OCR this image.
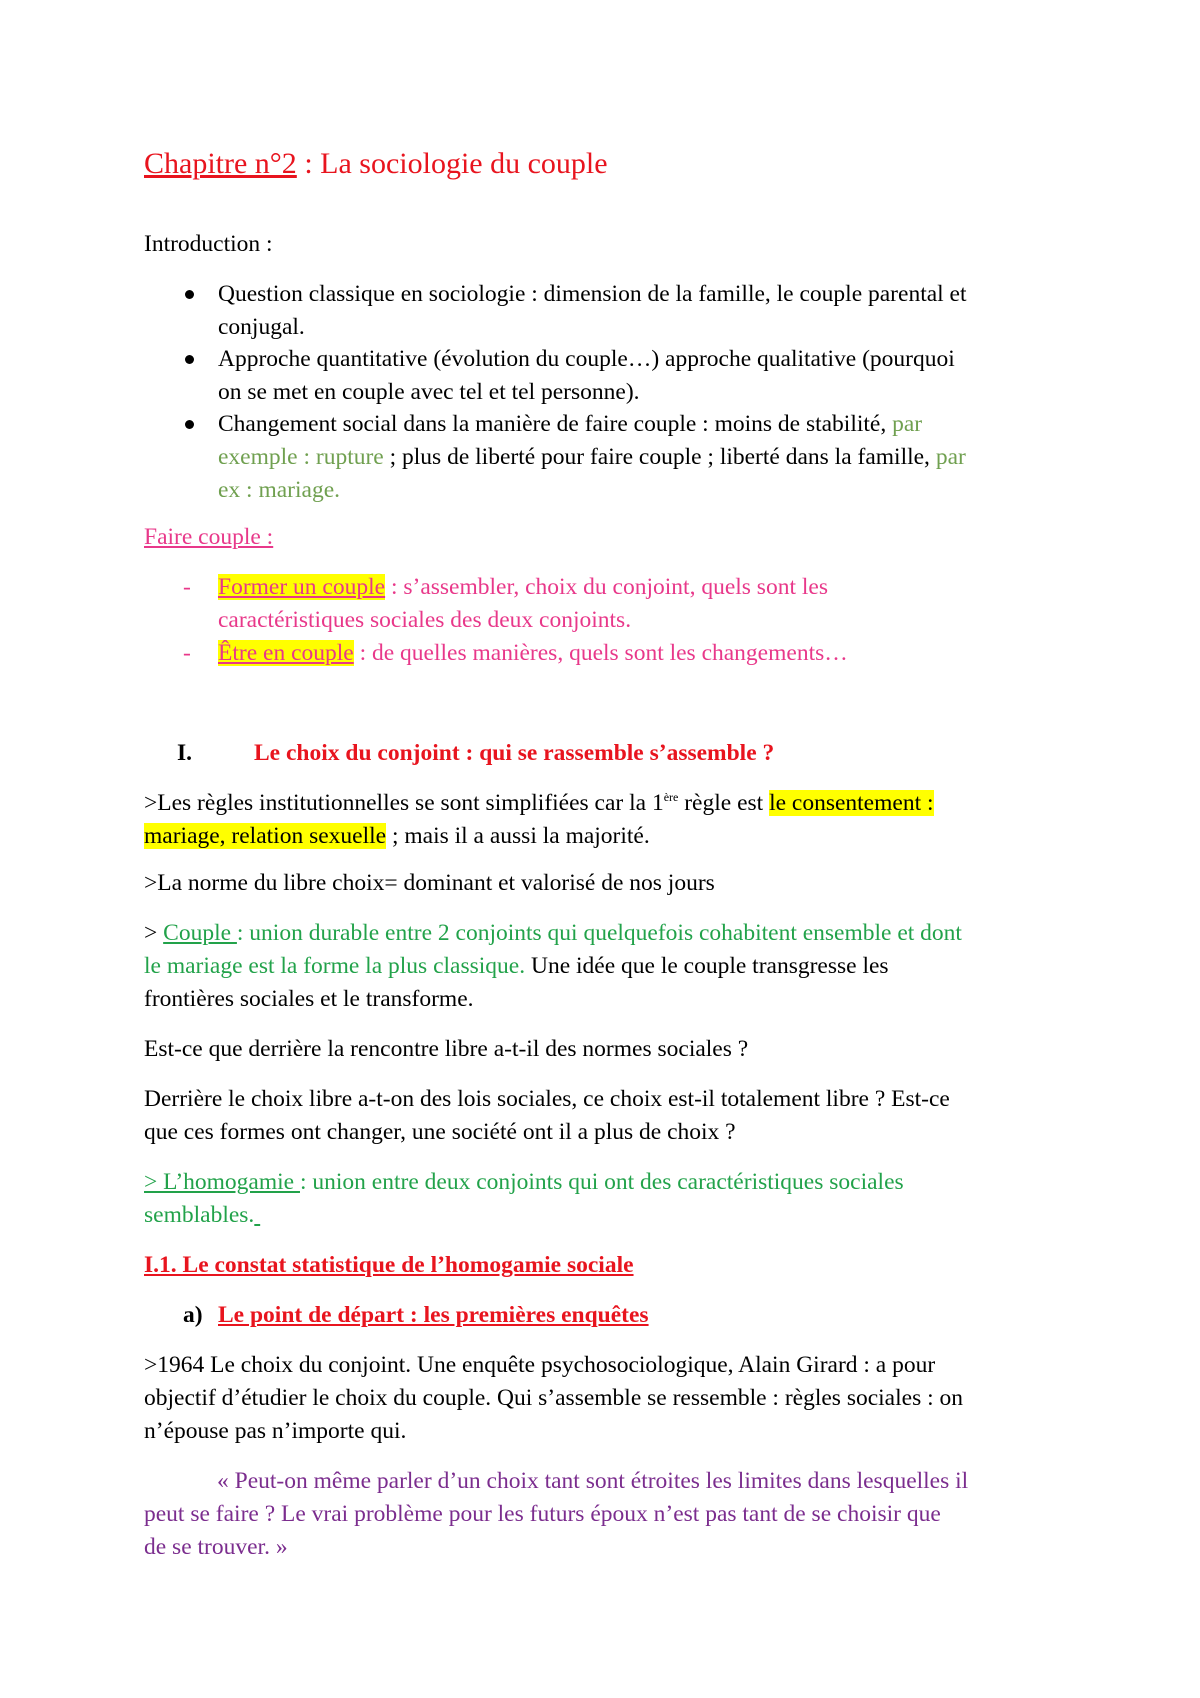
Chapitre n°2 : La sociologie du couple
Introduction :
Question classique en sociologie : dimension de la famille, le couple parental et
conjugal.
Approche quantitative (évolution du couple…) approche qualitative (pourquoi
on se met en couple avec tel et tel personne).
Changement social dans la manière de faire couple : moins de stabilité, par
exemple : rupture ; plus de liberté pour faire couple ; liberté dans la famille, par
ex : mariage.
Faire couple :
- Former un couple : s’assembler, choix du conjoint, quels sont les
caractéristiques sociales des deux conjoints.
- Être en couple : de quelles manières, quels sont les changements…
I.	Le choix du conjoint : qui se rassemble s’assemble ?
>Les règles institutionnelles se sont simplifiées car la 1ère règle est le consentement :
mariage, relation sexuelle ; mais il a aussi la majorité.
>La norme du libre choix= dominant et valorisé de nos jours
> Couple : union durable entre 2 conjoints qui quelquefois cohabitent ensemble et dont
le mariage est la forme la plus classique. Une idée que le couple transgresse les
frontières sociales et le transforme.
Est-ce que derrière la rencontre libre a-t-il des normes sociales ?
Derrière le choix libre a-t-on des lois sociales, ce choix est-il totalement libre ? Est-ce
que ces formes ont changer, une société ont il a plus de choix ?
> L’homogamie : union entre deux conjoints qui ont des caractéristiques sociales
semblables.
I.1. Le constat statistique de l’homogamie sociale
a) Le point de départ : les premières enquêtes
>1964 Le choix du conjoint. Une enquête psychosociologique, Alain Girard : a pour
objectif d’étudier le choix du couple. Qui s’assemble se ressemble : règles sociales : on
n’épouse pas n’importe qui.
« Peut-on même parler d’un choix tant sont étroites les limites dans lesquelles il
peut se faire ? Le vrai problème pour les futurs époux n’est pas tant de se choisir que
de se trouver. »
